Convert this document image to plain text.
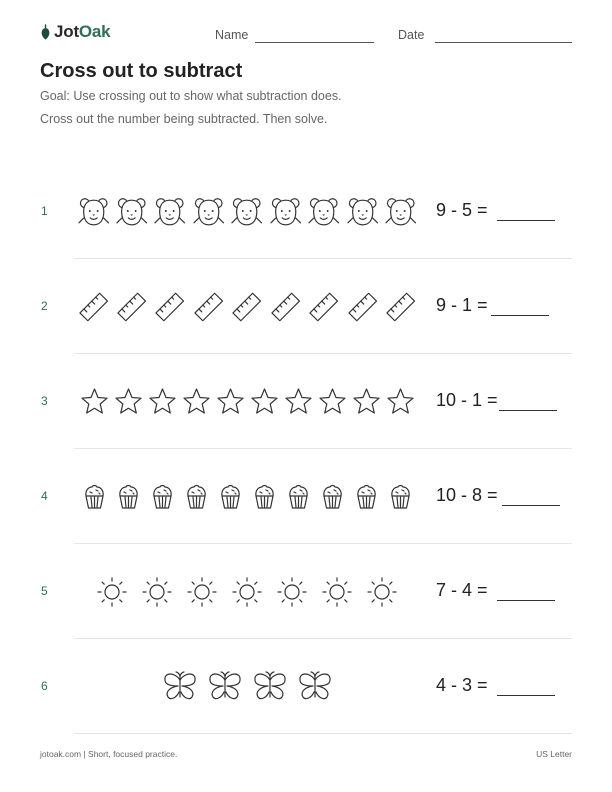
JotOak	Name	Date
Cross out to subtract
Goal: Use crossing out to show what subtraction does.
Cross out the number being subtracted. Then solve.
1	9 - 5 =
2	9 - 1 =
3	10 - 1 =
4	10 - 8 =
5	7 - 4 =
6	4 - 3 =
jotoak.com | Short, focused practice.	US Letter
